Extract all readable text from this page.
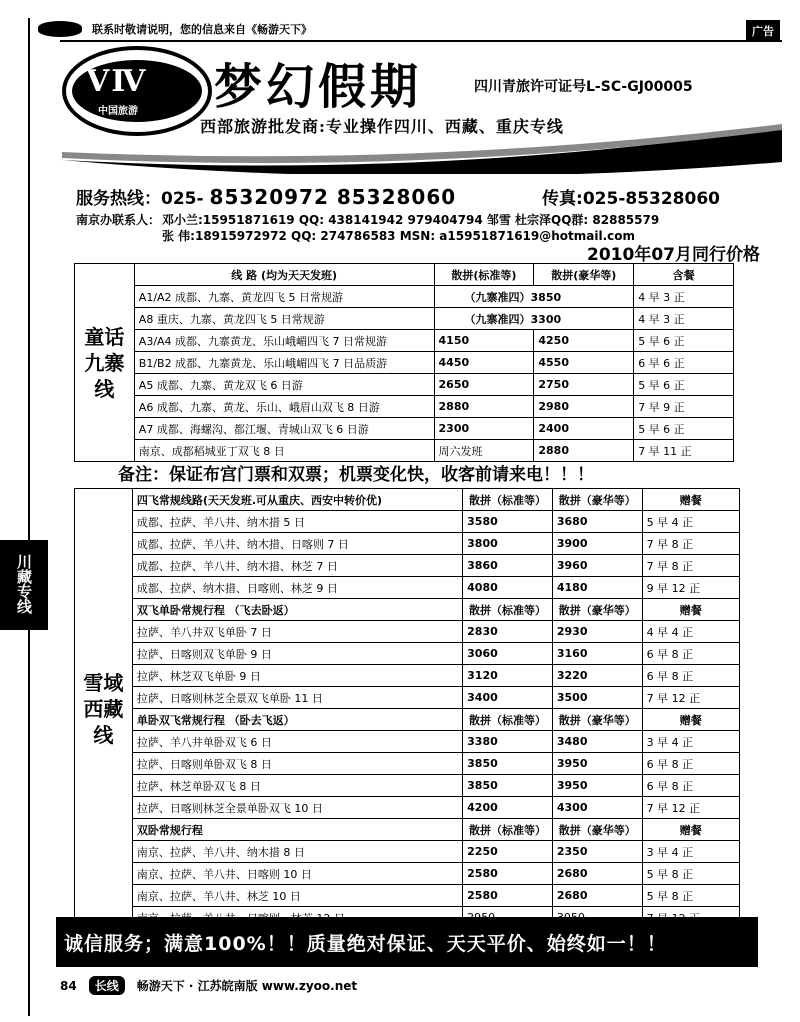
联系时敬请说明，您的信息来自《畅游天下》	广告
ⅤⅣ
中国旅游 梦幻假期	四川青旅许可证号L-SC-GJ00005
西部旅游批发商:专业操作四川、西藏、重庆专线
服务热线：025- 85320972 85328060	传真:025-85328060
南京办联系人： 邓小兰:15951871619 QQ: 438141942 979404794 邹雪 杜宗泽QQ群: 82885579
张 伟:18915972972 QQ: 274786583 MSN: a15951871619@hotmail.com
2010年07月同行价格
童话九寨线	线 路 (均为天天发班)	散拼(标准等)	散拼(豪华等)	含餐
	A1/A2 成都、九寨、黄龙四飞 5 日常规游	（九寨准四）3850		4 早 3 正
	A8 重庆、九寨、黄龙四飞 5 日常规游	（九寨准四）3300		4 早 3 正
	A3/A4 成都、九寨黄龙、乐山峨嵋四飞 7 日常规游	4150	4250	5 早 6 正
	B1/B2 成都、九寨黄龙、乐山峨嵋四飞 7 日品质游	4450	4550	6 早 6 正
	A5 成都、九寨、黄龙双飞 6 日游	2650	2750	5 早 6 正
	A6 成都、九寨、黄龙、乐山、峨眉山双飞 8 日游	2880	2980	7 早 9 正
	A7 成都、海螺沟、都江堰、青城山双飞 6 日游	2300	2400	5 早 6 正
	南京、成都稻城亚丁双飞 8 日	周六发班	2880	7 早 11 正
备注：保证布宫门票和双票；机票变化快，收客前请来电！！！
川藏专线
雪域西藏线	四飞常规线路(天天发班.可从重庆、西安中转价优)	散拼（标准等）	散拼（豪华等）	赠餐
	成都、拉萨、羊八井、纳木措 5 日	3580	3680	5 早 4 正
	成都、拉萨、羊八井、纳木措、日喀则 7 日	3800	3900	7 早 8 正
	成都、拉萨、羊八井、纳木措、林芝 7 日	3860	3960	7 早 8 正
	成都、拉萨、纳木措、日喀则、林芝 9 日	4080	4180	9 早 12 正
	双飞单卧常规行程 （飞去卧返）	散拼（标准等）	散拼（豪华等）	赠餐
	拉萨、羊八井双飞单卧 7 日	2830	2930	4 早 4 正
	拉萨、日喀则双飞单卧 9 日	3060	3160	6 早 8 正
	拉萨、林芝双飞单卧 9 日	3120	3220	6 早 8 正
	拉萨、日喀则林芝全景双飞单卧 11 日	3400	3500	7 早 12 正
	单卧双飞常规行程 （卧去飞返）	散拼（标准等）	散拼（豪华等）	赠餐
	拉萨、羊八井单卧双飞 6 日	3380	3480	3 早 4 正
	拉萨、日喀则单卧双飞 8 日	3850	3950	6 早 8 正
	拉萨、林芝单卧双飞 8 日	3850	3950	6 早 8 正
	拉萨、日喀则林芝全景单卧双飞 10 日	4200	4300	7 早 12 正
	双卧常规行程	散拼（标准等）	散拼（豪华等）	赠餐
	南京、拉萨、羊八井、纳木措 8 日	2250	2350	3 早 4 正
	南京、拉萨、羊八井、日喀则 10 日	2580	2680	5 早 8 正
	南京、拉萨、羊八井、林芝 10 日	2580	2680	5 早 8 正

诚信服务；满意100%！！质量绝对保证、天天平价、始终如一！！
84	长线	畅游天下 · 江苏皖南版 www.zyoo.net
